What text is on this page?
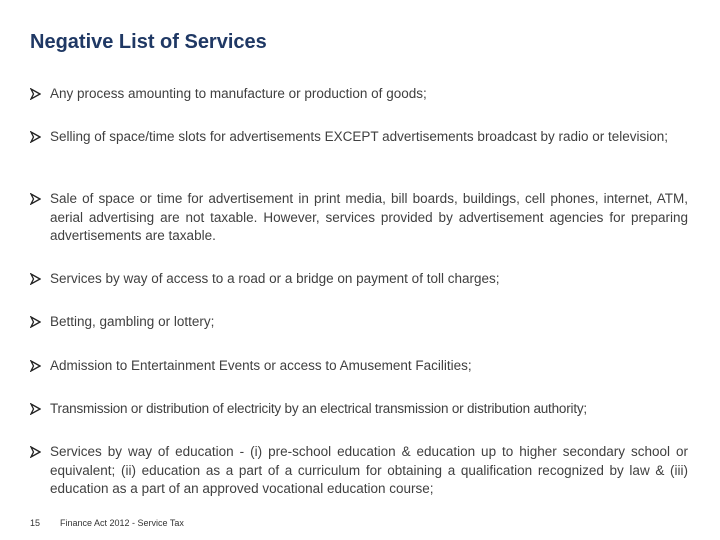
Negative List of Services
Any process amounting to manufacture or production of goods;
Selling of space/time slots for advertisements EXCEPT advertisements broadcast by radio or television;
Sale of space or time for advertisement in print media, bill boards, buildings, cell phones, internet, ATM, aerial advertising are not taxable. However, services provided by advertisement agencies for preparing advertisements are taxable.
Services by way of access to a road or a bridge on payment of toll charges;
Betting, gambling or lottery;
Admission to Entertainment Events or access to Amusement Facilities;
Transmission or distribution of electricity by an electrical transmission or distribution authority;
Services by way of education - (i) pre-school education & education up to higher secondary school or equivalent; (ii) education as a part of a curriculum for obtaining a qualification recognized by law & (iii) education as a part of an approved vocational education course;
15 Finance Act 2012 - Service Tax
